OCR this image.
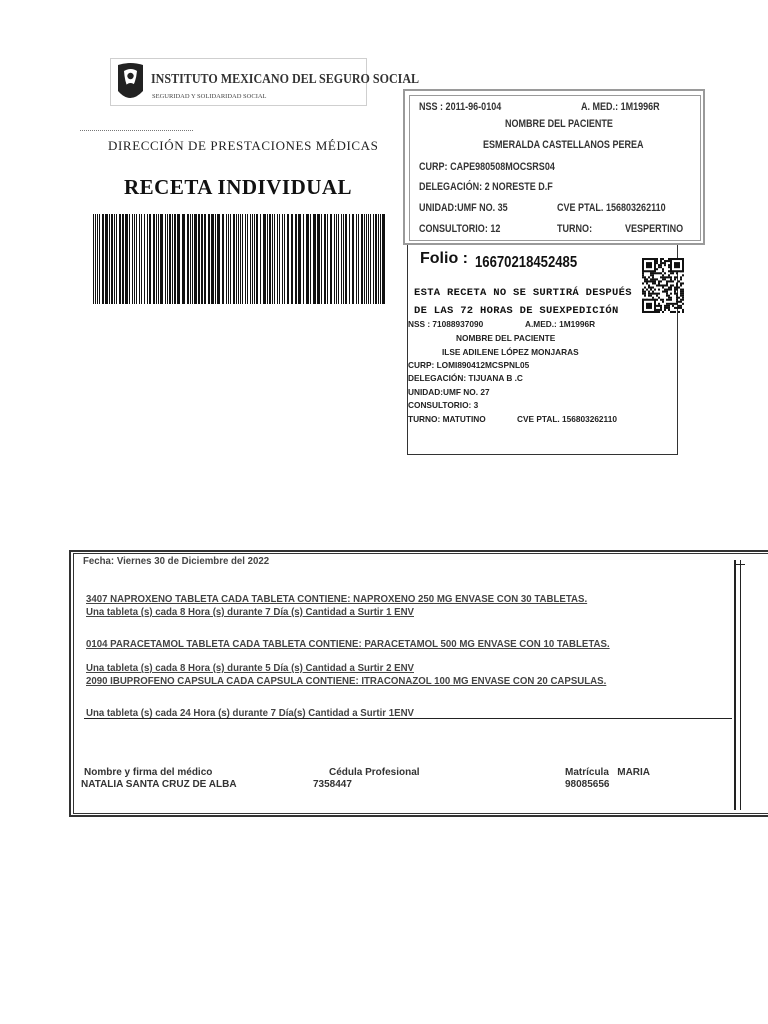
INSTITUTO MEXICANO DEL SEGURO SOCIAL
SEGURIDAD Y SOLIDARIDAD SOCIAL
DIRECCIÓN DE PRESTACIONES MÉDICAS
RECETA INDIVIDUAL
NSS : 2011-96-0104	A. MED.: 1M1996R
NOMBRE DEL PACIENTE
ESMERALDA CASTELLANOS PEREA
CURP: CAPE980508MOCSRS04
DELEGACIÓN: 2 NORESTE D.F
UNIDAD:UMF NO. 35	CVE PTAL. 156803262110
CONSULTORIO: 12	TURNO:	VESPERTINO
Folio : 16670218452485
ESTA RECETA NO SE SURTIRÁ DESPUÉS
DE LAS 72 HORAS DE SUEXPEDICIÓN
NSS : 71088937090	A.MED.: 1M1996R
NOMBRE DEL PACIENTE
ILSE ADILENE LÓPEZ MONJARAS
CURP: LOMI890412MCSPNL05
DELEGACIÓN: TIJUANA B .C
UNIDAD:UMF NO. 27
CONSULTORIO: 3
TURNO: MATUTINO	CVE PTAL. 156803262110
Fecha: Viernes 30 de Diciembre del 2022
3407 NAPROXENO TABLETA CADA TABLETA CONTIENE: NAPROXENO 250 MG ENVASE CON 30 TABLETAS.
Una tableta (s) cada 8 Hora (s) durante 7 Día (s) Cantidad a Surtir 1 ENV
0104 PARACETAMOL TABLETA CADA TABLETA CONTIENE: PARACETAMOL 500 MG ENVASE CON 10 TABLETAS.
Una tableta (s) cada 8 Hora (s) durante 5 Día (s) Cantidad a Surtir 2 ENV
2090 IBUPROFENO CAPSULA CADA CAPSULA CONTIENE: ITRACONAZOL 100 MG ENVASE CON 20 CAPSULAS.
Una tableta (s) cada 24 Hora (s) durante 7 Día(s) Cantidad a Surtir 1ENV
Nombre y firma del médico
NATALIA SANTA CRUZ DE ALBA
Cédula Profesional
7358447
Matrícula   MARIA
98085656
